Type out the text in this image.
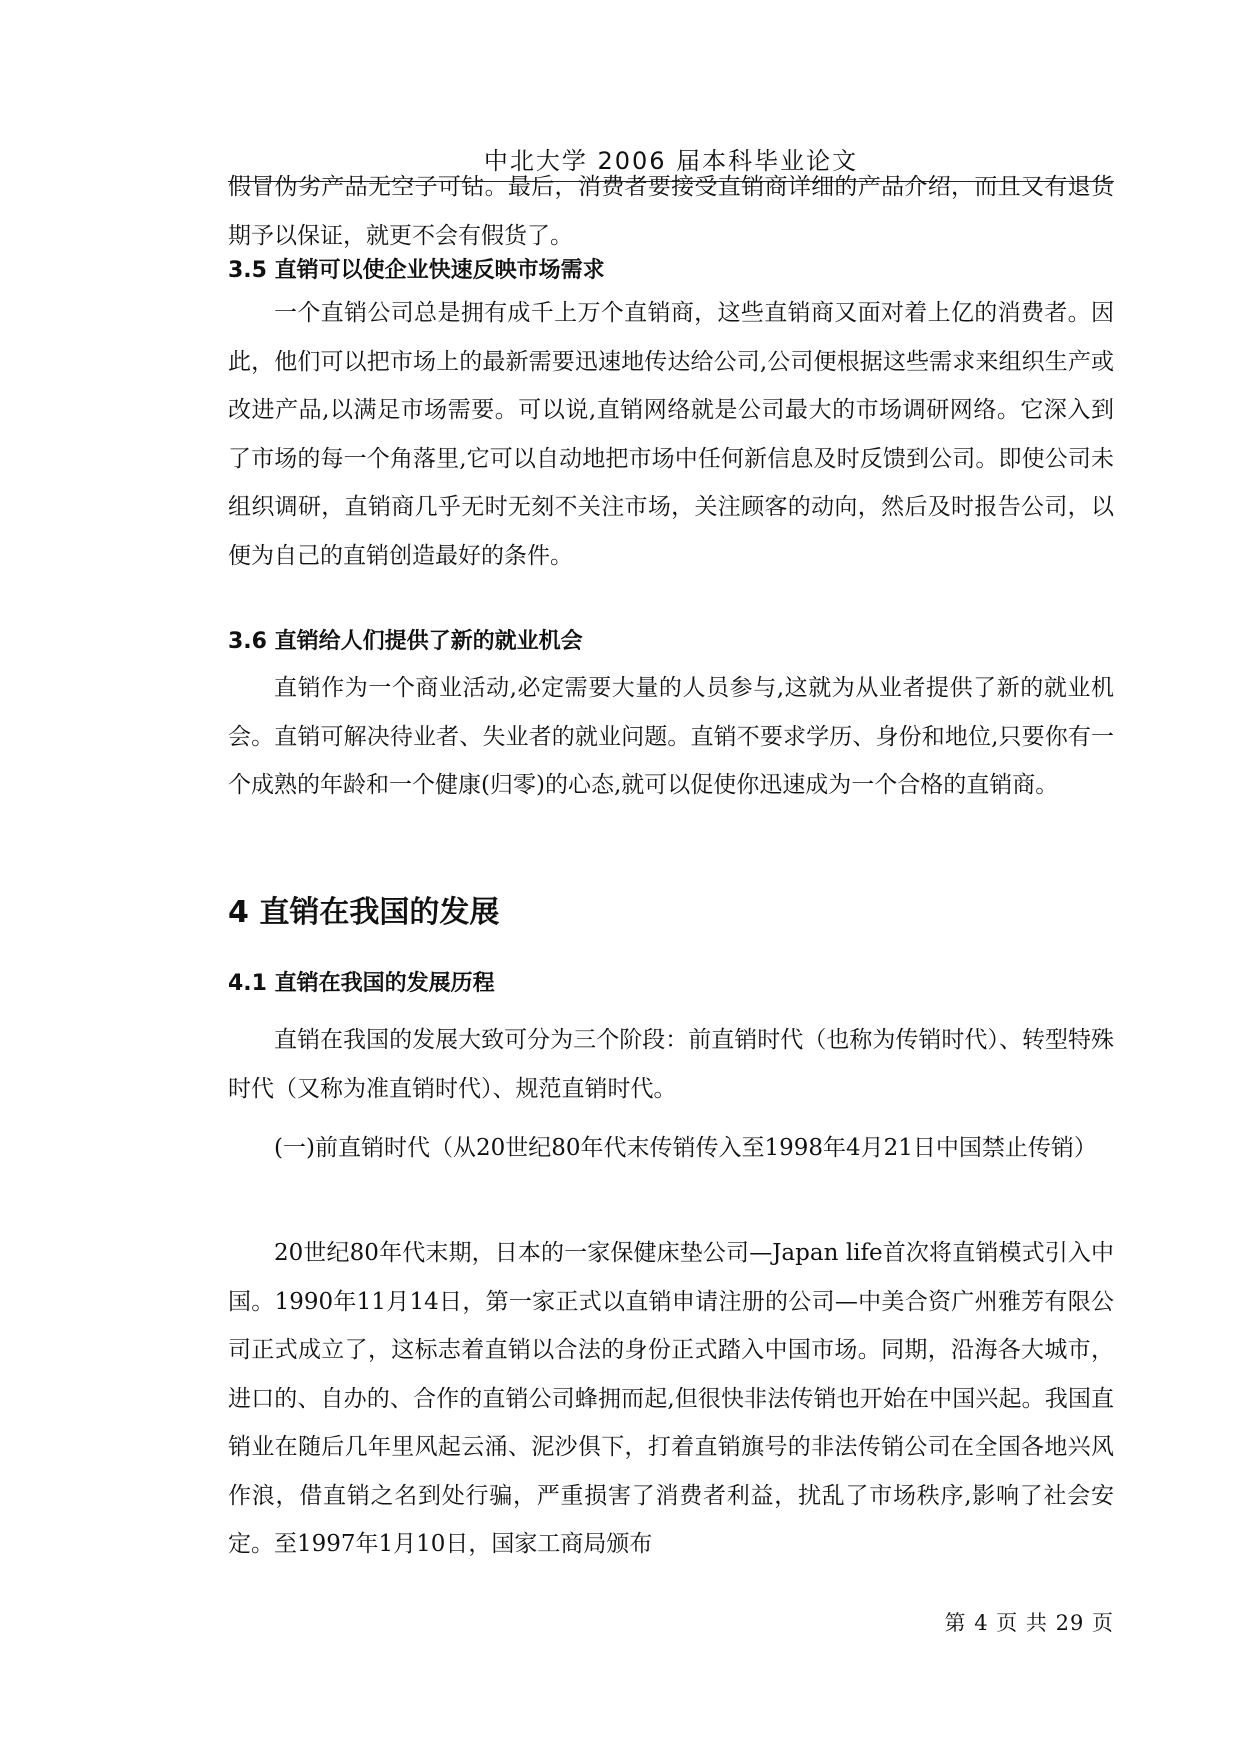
中北大学 2006 届本科毕业论文

假冒伪劣产品无空子可钻。最后，消费者要接受直销商详细的产品介绍，而且又有退货期予以保证，就更不会有假货了。

3.5 直销可以使企业快速反映市场需求

一个直销公司总是拥有成千上万个直销商，这些直销商又面对着上亿的消费者。因此，他们可以把市场上的最新需要迅速地传达给公司,公司便根据这些需求来组织生产或改进产品,以满足市场需要。可以说,直销网络就是公司最大的市场调研网络。它深入到了市场的每一个角落里,它可以自动地把市场中任何新信息及时反馈到公司。即使公司未组织调研，直销商几乎无时无刻不关注市场，关注顾客的动向，然后及时报告公司，以便为自己的直销创造最好的条件。

3.6 直销给人们提供了新的就业机会

直销作为一个商业活动,必定需要大量的人员参与,这就为从业者提供了新的就业机会。直销可解决待业者、失业者的就业问题。直销不要求学历、身份和地位,只要你有一个成熟的年龄和一个健康(归零)的心态,就可以促使你迅速成为一个合格的直销商。

4 直销在我国的发展
4.1 直销在我国的发展历程

直销在我国的发展大致可分为三个阶段：前直销时代（也称为传销时代）、转型特殊时代（又称为准直销时代）、规范直销时代。

(一)前直销时代（从20世纪80年代末传销传入至1998年4月21日中国禁止传销）

20世纪80年代末期，日本的一家保健床垫公司—Japan life首次将直销模式引入中国。1990年11月14日，第一家正式以直销申请注册的公司—中美合资广州雅芳有限公司正式成立了，这标志着直销以合法的身份正式踏入中国市场。同期，沿海各大城市，进口的、自办的、合作的直销公司蜂拥而起,但很快非法传销也开始在中国兴起。我国直销业在随后几年里风起云涌、泥沙俱下，打着直销旗号的非法传销公司在全国各地兴风作浪，借直销之名到处行骗，严重损害了消费者利益，扰乱了市场秩序,影响了社会安定。至1997年1月10日，国家工商局颁布

第 4 页 共 29 页
